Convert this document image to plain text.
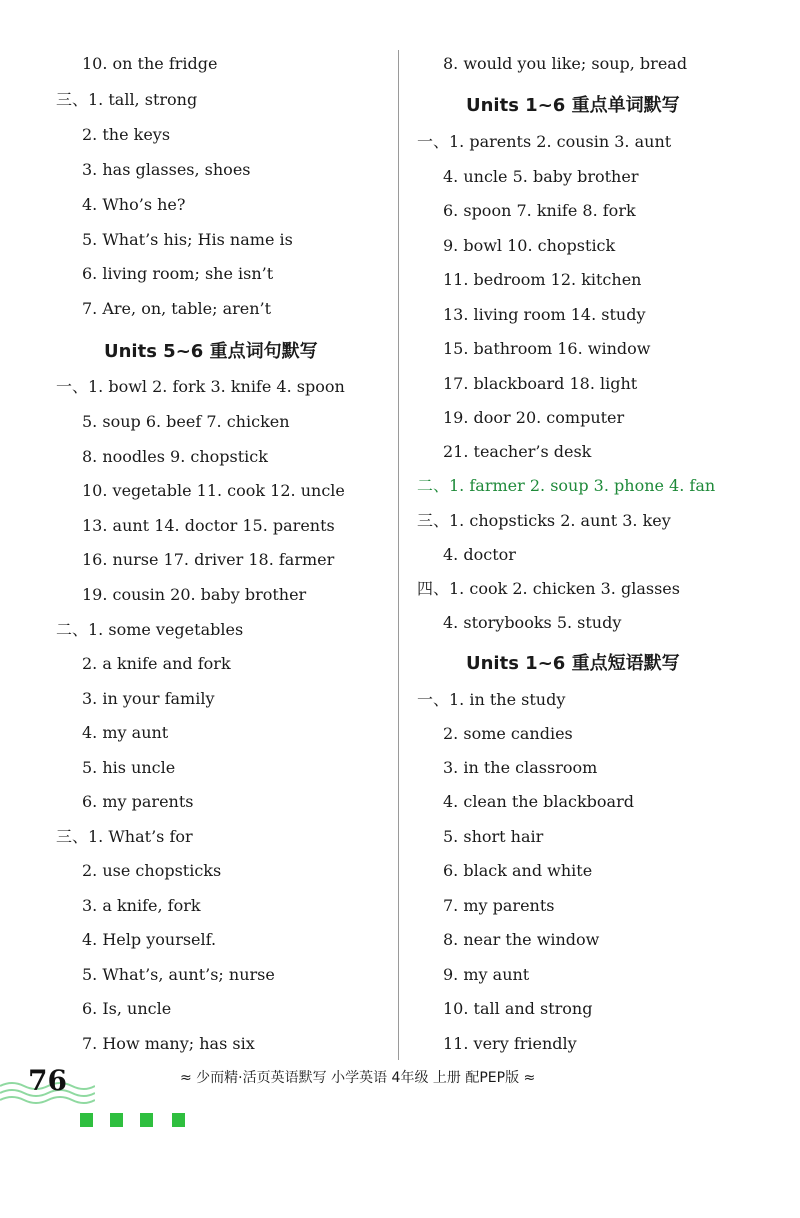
10. on the fridge
三、1. tall, strong
2. the keys
3. has glasses, shoes
4. Who’s he?
5. What’s his; His name is
6. living room; she isn’t
7. Are, on, table; aren’t
Units 5~6 重点词句默写
一、1. bowl 2. fork 3. knife 4. spoon
5. soup 6. beef 7. chicken
8. noodles 9. chopstick
10. vegetable 11. cook 12. uncle
13. aunt 14. doctor 15. parents
16. nurse 17. driver 18. farmer
19. cousin 20. baby brother
二、1. some vegetables
2. a knife and fork
3. in your family
4. my aunt
5. his uncle
6. my parents
三、1. What’s for
2. use chopsticks
3. a knife, fork
4. Help yourself.
5. What’s, aunt’s; nurse
6. Is, uncle
7. How many; has six
8. would you like; soup, bread
Units 1~6 重点单词默写
一、1. parents 2. cousin 3. aunt
4. uncle 5. baby brother
6. spoon 7. knife 8. fork
9. bowl 10. chopstick
11. bedroom 12. kitchen
13. living room 14. study
15. bathroom 16. window
17. blackboard 18. light
19. door 20. computer
21. teacher’s desk
二、1. farmer 2. soup 3. phone 4. fan
三、1. chopsticks 2. aunt 3. key
4. doctor
四、1. cook 2. chicken 3. glasses
4. storybooks 5. study
Units 1~6 重点短语默写
一、1. in the study
2. some candies
3. in the classroom
4. clean the blackboard
5. short hair
6. black and white
7. my parents
8. near the window
9. my aunt
10. tall and strong
11. very friendly
76	≈ 少而精·活页英语默写 小学英语 4年级 上册 配PEP版 ≈
